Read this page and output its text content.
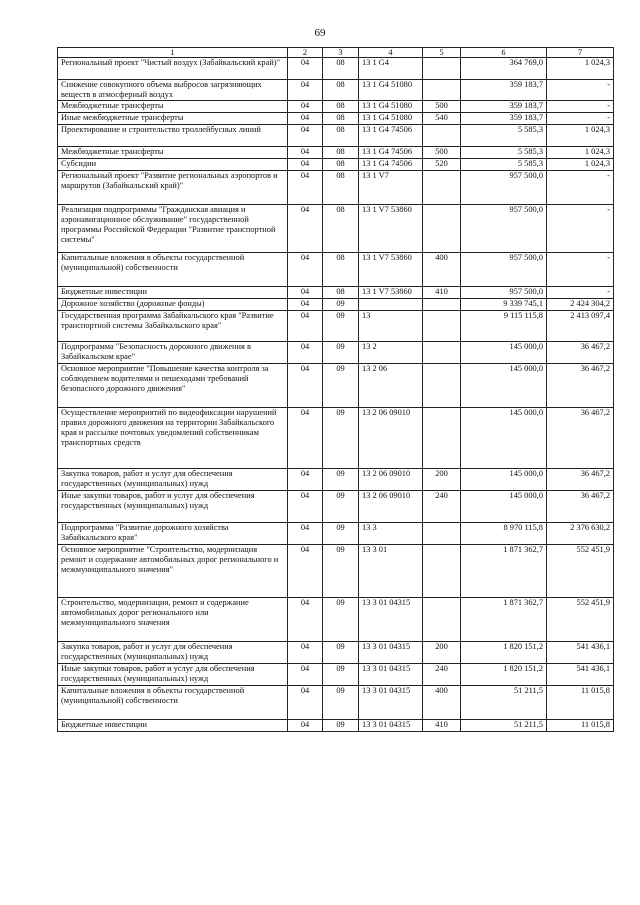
69
1	2	3	4	5	6	7
Региональный проект "Чистый воздух (Забайкальский край)"	04	08	13 1 G4		364 769,0	1 024,3
Снижение совокупного объема выбросов загрязняющих веществ в атмосферный воздух	04	08	13 1 G4 51080		359 183,7	-
Межбюджетные трансферты	04	08	13 1 G4 51080	500	359 183,7	-
Иные межбюджетные трансферты	04	08	13 1 G4 51080	540	359 183,7	-
Проектирование и строительство троллейбусных линий	04	08	13 1 G4 74506		5 585,3	1 024,3
Межбюджетные трансферты	04	08	13 1 G4 74506	500	5 585,3	1 024,3
Субсидии	04	08	13 1 G4 74506	520	5 585,3	1 024,3
Региональный проект "Развитие региональных аэропортов и маршрутов (Забайкальский край)"	04	08	13 1 V7		957 500,0	-
Реализация подпрограммы "Гражданская авиация и аэронавигационное обслуживание" государственной программы Российской Федерации "Развитие транспортной системы"	04	08	13 1 V7 53860		957 500,0	-
Капитальные вложения в объекты государственной (муниципальной) собственности	04	08	13 1 V7 53860	400	957 500,0	-
Бюджетные инвестиции	04	08	13 1 V7 53860	410	957 500,0	-
Дорожное хозяйство (дорожные фонды)	04	09			9 339 745,1	2 424 304,2
Государственная программа Забайкальского края "Развитие транспортной системы Забайкальского края"	04	09	13		9 115 115,8	2 413 097,4
Подпрограмма "Безопасность дорожного движения в Забайкальском крае"	04	09	13 2		145 000,0	36 467,2
Основное мероприятие "Повышение качества контроля за соблюдением водителями и пешеходами требований безопасного дорожного движения"	04	09	13 2 06		145 000,0	36 467,2
Осуществление мероприятий по видеофиксации нарушений правил дорожного движения на территории Забайкальского края и рассылке почтовых уведомлений собственникам транспортных средств	04	09	13 2 06 09010		145 000,0	36 467,2
Закупка товаров, работ и услуг для обеспечения государственных (муниципальных) нужд	04	09	13 2 06 09010	200	145 000,0	36 467,2
Иные закупки товаров, работ и услуг для обеспечения государственных (муниципальных) нужд	04	09	13 2 06 09010	240	145 000,0	36 467,2
Подпрограмма "Развитие дорожного хозяйства Забайкальского края"	04	09	13 3		8 970 115,8	2 376 630,2
Основное мероприятие "Строительство, модернизация ремонт и содержание автомобильных дорог регионального и межмуниципального значения"	04	09	13 3 01		1 871 362,7	552 451,9
Строительство, модернизация, ремонт и содержание автомобильных дорог регионального или межмуниципального значения	04	09	13 3 01 04315		1 871 362,7	552 451,9
Закупка товаров, работ и услуг для обеспечения государственных (муниципальных) нужд	04	09	13 3 01 04315	200	1 820 151,2	541 436,1
Иные закупки товаров, работ и услуг для обеспечения государственных (муниципальных) нужд	04	09	13 3 01 04315	240	1 820 151,2	541 436,1
Капитальные вложения в объекты государственной (муниципальной) собственности	04	09	13 3 01 04315	400	51 211,5	11 015,8
Бюджетные инвестиции	04	09	13 3 01 04315	410	51 211,5	11 015,8
